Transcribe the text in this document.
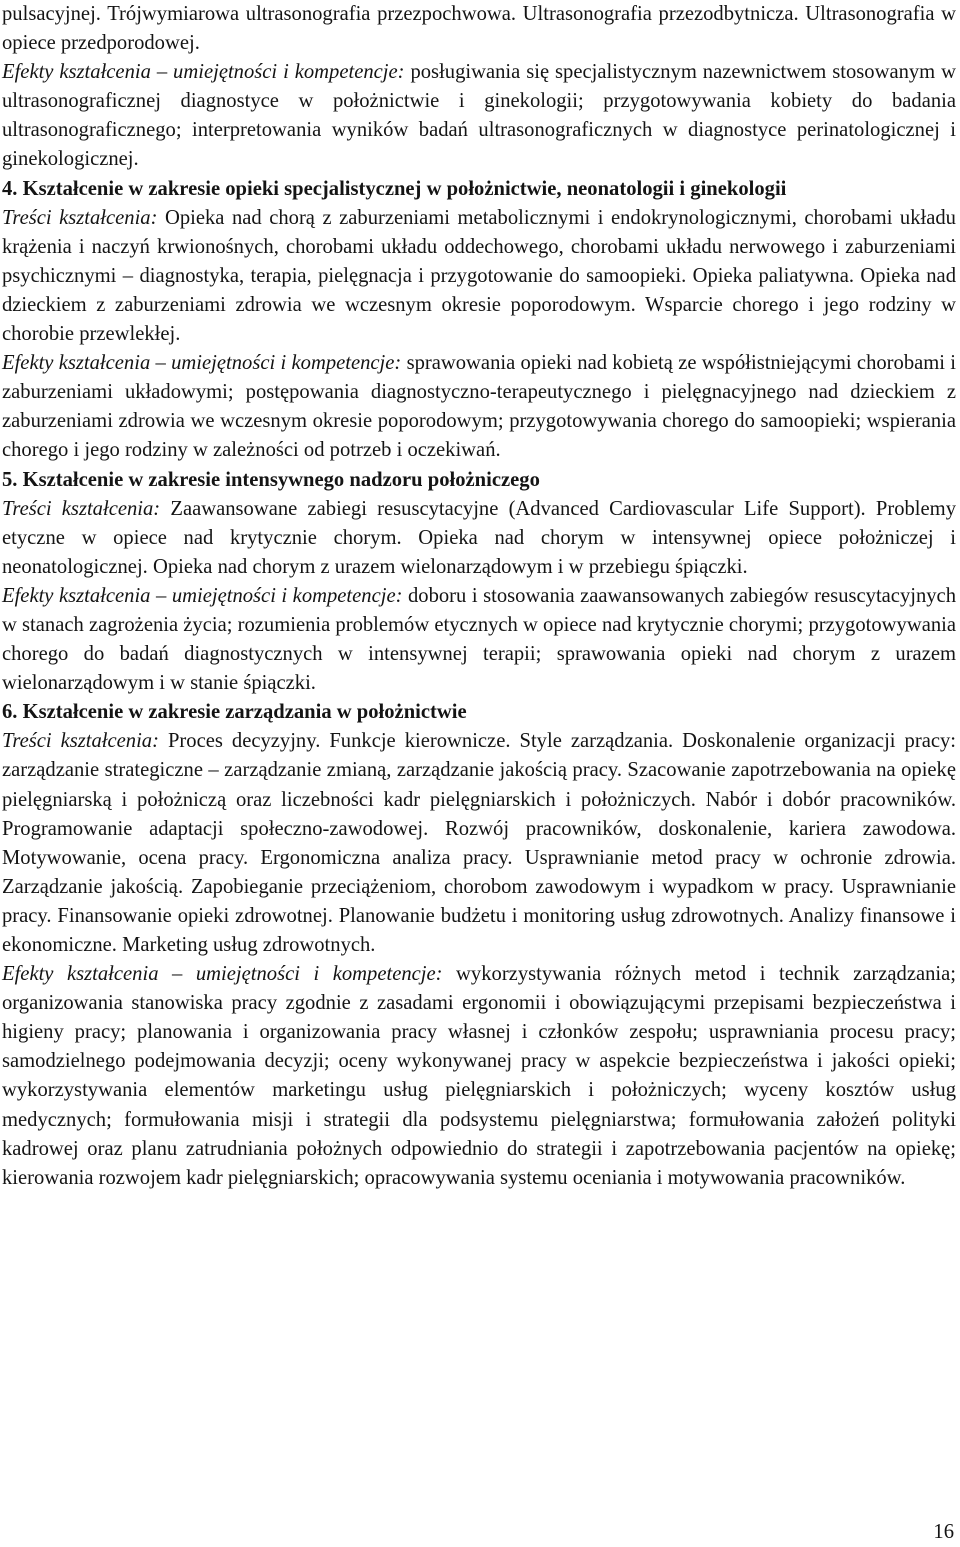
pulsacyjnej. Trójwymiarowa ultrasonografia przezpochwowa. Ultrasonografia przezodbytnicza. Ultrasonografia w opiece przedporodowej.

Efekty kształcenia – umiejętności i kompetencje: posługiwania się specjalistycznym nazewnictwem stosowanym w ultrasonograficznej diagnostyce w położnictwie i ginekologii; przygotowywania kobiety do badania ultrasonograficznego; interpretowania wyników badań ultrasonograficznych w diagnostyce perinatologicznej i ginekologicznej.

4. Kształcenie w zakresie opieki specjalistycznej w położnictwie, neonatologii i ginekologii

Treści kształcenia: Opieka nad chorą z zaburzeniami metabolicznymi i endokrynologicznymi, chorobami układu krążenia i naczyń krwionośnych, chorobami układu oddechowego, chorobami układu nerwowego i zaburzeniami psychicznymi – diagnostyka, terapia, pielęgnacja i przygotowanie do samoopieki. Opieka paliatywna. Opieka nad dzieckiem z zaburzeniami zdrowia we wczesnym okresie poporodowym. Wsparcie chorego i jego rodziny w chorobie przewlekłej.

Efekty kształcenia – umiejętności i kompetencje: sprawowania opieki nad kobietą ze współistniejącymi chorobami i zaburzeniami układowymi; postępowania diagnostyczno-terapeutycznego i pielęgnacyjnego nad dzieckiem z zaburzeniami zdrowia we wczesnym okresie poporodowym; przygotowywania chorego do samoopieki; wspierania chorego i jego rodziny w zależności od potrzeb i oczekiwań.

5. Kształcenie w zakresie intensywnego nadzoru położniczego

Treści kształcenia: Zaawansowane zabiegi resuscytacyjne (Advanced Cardiovascular Life Support). Problemy etyczne w opiece nad krytycznie chorym. Opieka nad chorym w intensywnej opiece położniczej i neonatologicznej. Opieka nad chorym z urazem wielonarządowym i w przebiegu śpiączki.

Efekty kształcenia – umiejętności i kompetencje: doboru i stosowania zaawansowanych zabiegów resuscytacyjnych w stanach zagrożenia życia; rozumienia problemów etycznych w opiece nad krytycznie chorymi; przygotowywania chorego do badań diagnostycznych w intensywnej terapii; sprawowania opieki nad chorym z urazem wielonarządowym i w stanie śpiączki.

6. Kształcenie w zakresie zarządzania w położnictwie

Treści kształcenia: Proces decyzyjny. Funkcje kierownicze. Style zarządzania. Doskonalenie organizacji pracy: zarządzanie strategiczne – zarządzanie zmianą, zarządzanie jakością pracy. Szacowanie zapotrzebowania na opiekę pielęgniarską i położniczą oraz liczebności kadr pielęgniarskich i położniczych. Nabór i dobór pracowników. Programowanie adaptacji społeczno-zawodowej. Rozwój pracowników, doskonalenie, kariera zawodowa. Motywowanie, ocena pracy. Ergonomiczna analiza pracy. Usprawnianie metod pracy w ochronie zdrowia. Zarządzanie jakością. Zapobieganie przeciążeniom, chorobom zawodowym i wypadkom w pracy. Usprawnianie pracy. Finansowanie opieki zdrowotnej. Planowanie budżetu i monitoring usług zdrowotnych. Analizy finansowe i ekonomiczne. Marketing usług zdrowotnych.

Efekty kształcenia – umiejętności i kompetencje: wykorzystywania różnych metod i technik zarządzania; organizowania stanowiska pracy zgodnie z zasadami ergonomii i obowiązującymi przepisami bezpieczeństwa i higieny pracy; planowania i organizowania pracy własnej i członków zespołu; usprawniania procesu pracy; samodzielnego podejmowania decyzji; oceny wykonywanej pracy w aspekcie bezpieczeństwa i jakości opieki; wykorzystywania elementów marketingu usług pielęgniarskich i położniczych; wyceny kosztów usług medycznych; formułowania misji i strategii dla podsystemu pielęgniarstwa; formułowania założeń polityki kadrowej oraz planu zatrudniania położnych odpowiednio do strategii i zapotrzebowania pacjentów na opiekę; kierowania rozwojem kadr pielęgniarskich; opracowywania systemu oceniania i motywowania pracowników.

16
